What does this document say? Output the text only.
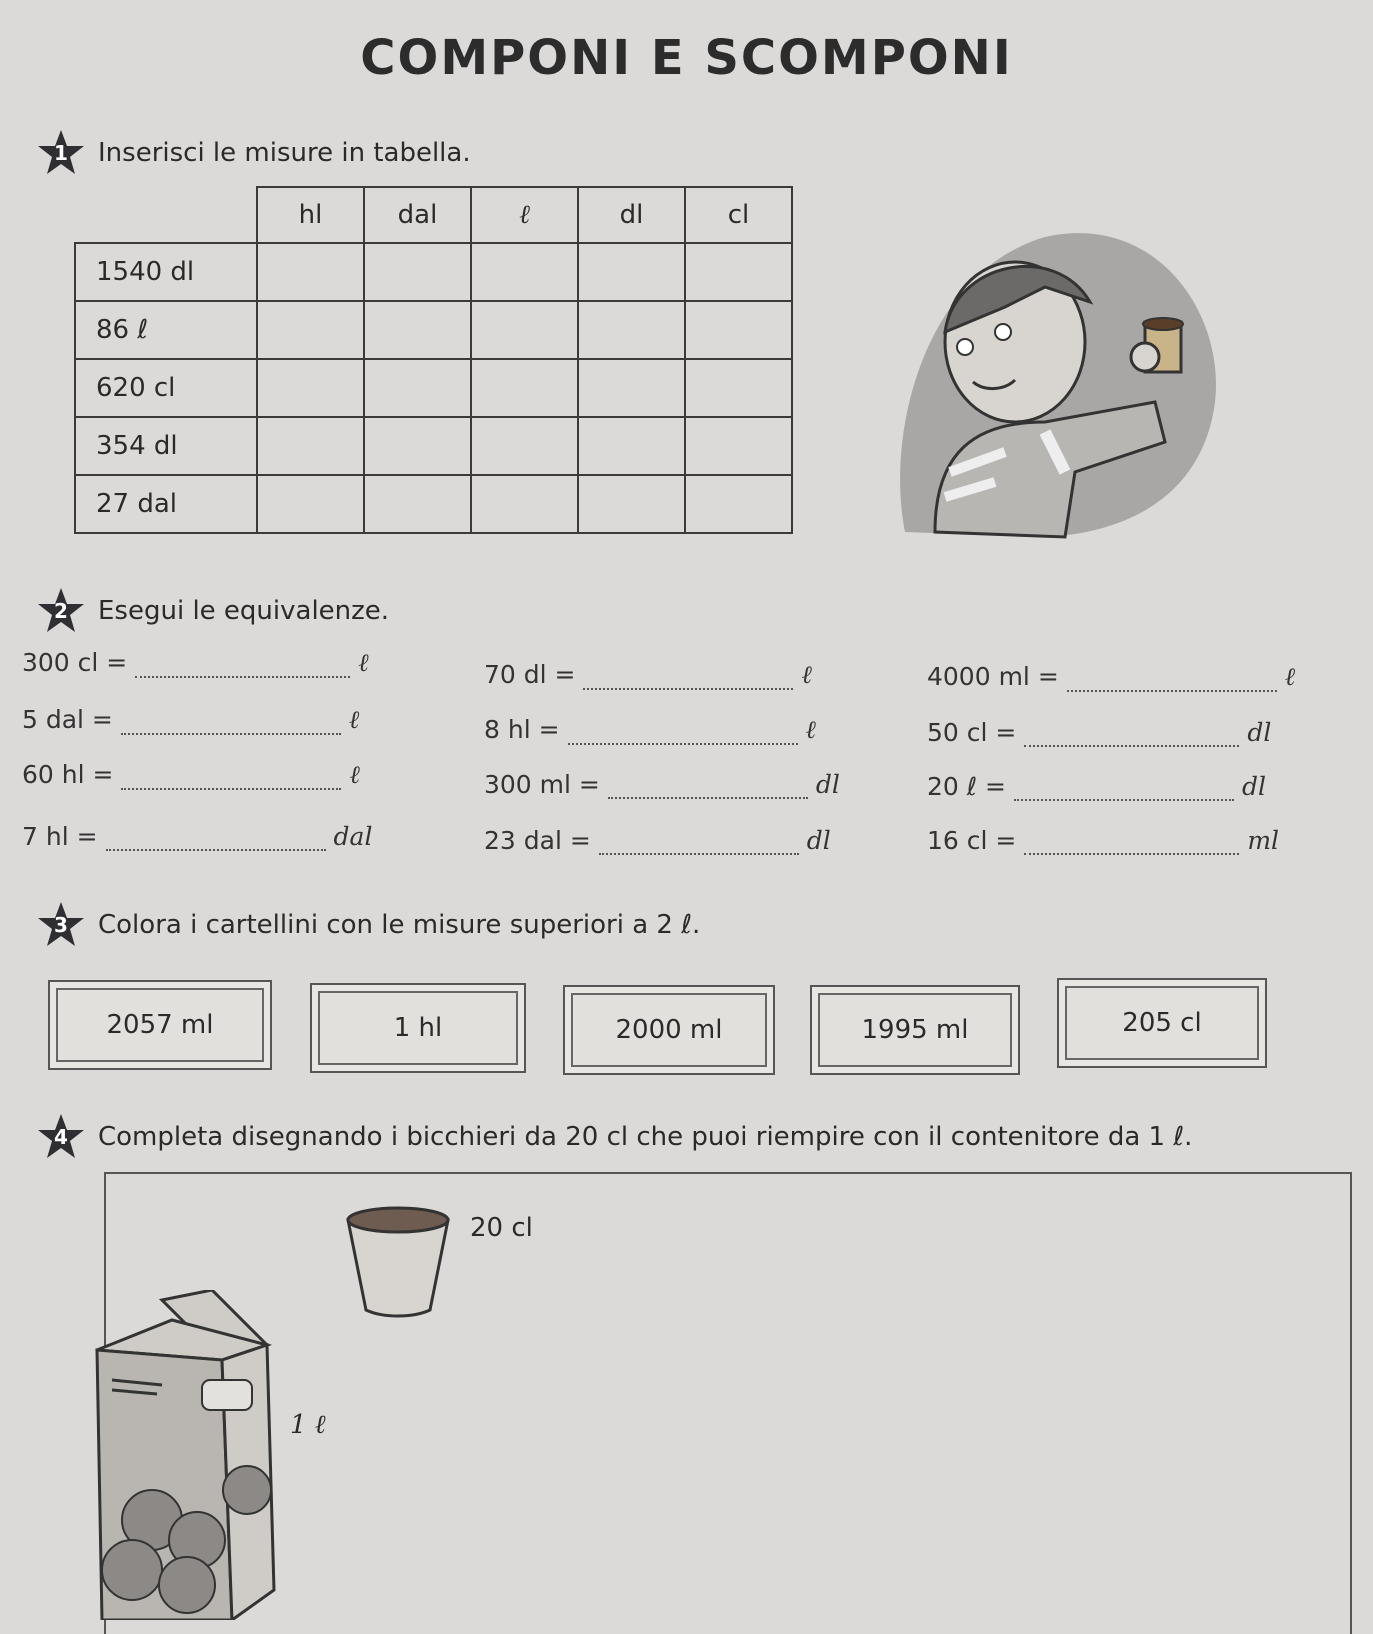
COMPONI E SCOMPONI
1	Inserisci le misure in tabella.
	hl	dal	ℓ	dl	cl
1540 dl					
86 ℓ					
620 cl					
354 dl					
27 dal					
2	Esegui le equivalenze.
300 cl =	ℓ	70 dl =	ℓ	4000 ml =	ℓ
5 dal =	ℓ	8 hl =	ℓ	50 cl =	dl
60 hl =	ℓ	300 ml =	dl	20 ℓ =	dl
7 hl =	dal	23 dal =	dl	16 cl =	ml
3	Colora i cartellini con le misure superiori a 2 ℓ.
2057 ml	1 hl	2000 ml	1995 ml	205 cl
4	Completa disegnando i bicchieri da 20 cl che puoi riempire con il contenitore da 1 ℓ.
20 cl
1 ℓ
